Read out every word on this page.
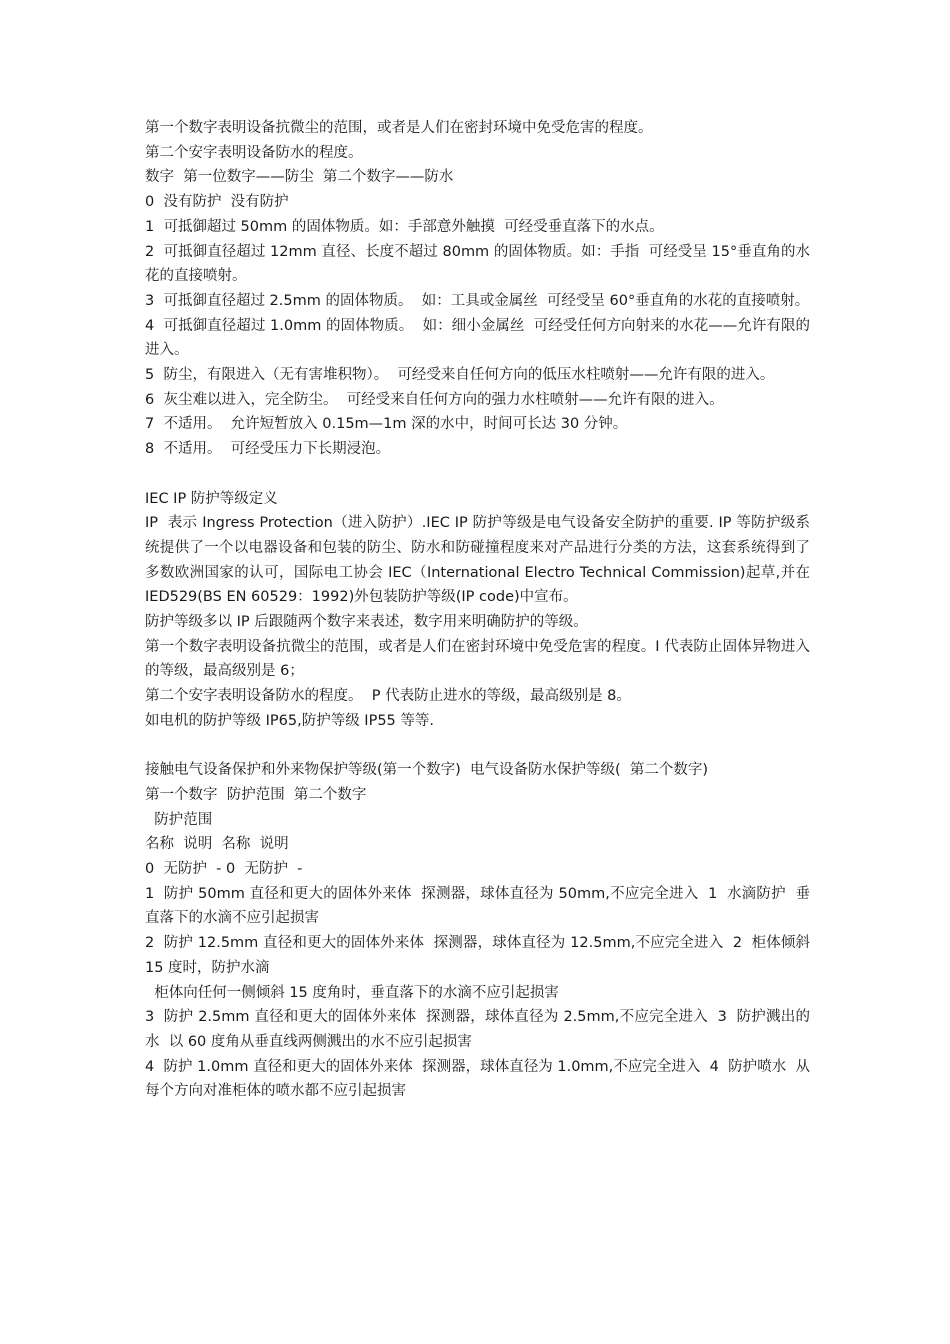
第一个数字表明设备抗微尘的范围，或者是人们在密封环境中免受危害的程度。

第二个安字表明设备防水的程度。

数字  第一位数字——防尘  第二个数字——防水

0  没有防护  没有防护

1  可抵御超过 50mm 的固体物质。如：手部意外触摸  可经受垂直落下的水点。

2  可抵御直径超过 12mm 直径、长度不超过 80mm 的固体物质。如：手指  可经受呈 15°垂直角的水花的直接喷射。

3  可抵御直径超过 2.5mm 的固体物质。  如：工具或金属丝  可经受呈 60°垂直角的水花的直接喷射。

4  可抵御直径超过 1.0mm 的固体物质。  如：细小金属丝  可经受任何方向射来的水花——允许有限的进入。

5  防尘，有限进入（无有害堆积物）。  可经受来自任何方向的低压水柱喷射——允许有限的进入。

6  灰尘难以进入，完全防尘。  可经受来自任何方向的强力水柱喷射——允许有限的进入。

7  不适用。  允许短暂放入 0.15m—1m 深的水中，时间可长达 30 分钟。

8  不适用。  可经受压力下长期浸泡。

IEC IP 防护等级定义

IP  表示 Ingress Protection（进入防护）.IEC IP 防护等级是电气设备安全防护的重要. IP 等防护级系统提供了一个以电器设备和包装的防尘、防水和防碰撞程度来对产品进行分类的方法，这套系统得到了多数欧洲国家的认可，国际电工协会 IEC（International Electro Technical Commission)起草,并在 IED529(BS EN 60529：1992)外包装防护等级(IP code)中宣布。

防护等级多以 IP 后跟随两个数字来表述，数字用来明确防护的等级。

第一个数字表明设备抗微尘的范围，或者是人们在密封环境中免受危害的程度。I 代表防止固体异物进入的等级，最高级别是 6；

第二个安字表明设备防水的程度。  P 代表防止进水的等级，最高级别是 8。

如电机的防护等级 IP65,防护等级 IP55 等等.

接触电气设备保护和外来物保护等级(第一个数字)  电气设备防水保护等级(  第二个数字)

第一个数字  防护范围  第二个数字

防护范围

名称  说明  名称  说明

0  无防护  - 0  无防护  -

1  防护 50mm 直径和更大的固体外来体  探测器，球体直径为 50mm,不应完全进入  1  水滴防护  垂直落下的水滴不应引起损害

2  防护 12.5mm 直径和更大的固体外来体  探测器，球体直径为 12.5mm,不应完全进入  2  柜体倾斜 15 度时，防护水滴

柜体向任何一侧倾斜 15 度角时，垂直落下的水滴不应引起损害

3  防护 2.5mm 直径和更大的固体外来体  探测器，球体直径为 2.5mm,不应完全进入  3  防护溅出的水  以 60 度角从垂直线两侧溅出的水不应引起损害

4  防护 1.0mm 直径和更大的固体外来体  探测器，球体直径为 1.0mm,不应完全进入  4  防护喷水  从每个方向对准柜体的喷水都不应引起损害
